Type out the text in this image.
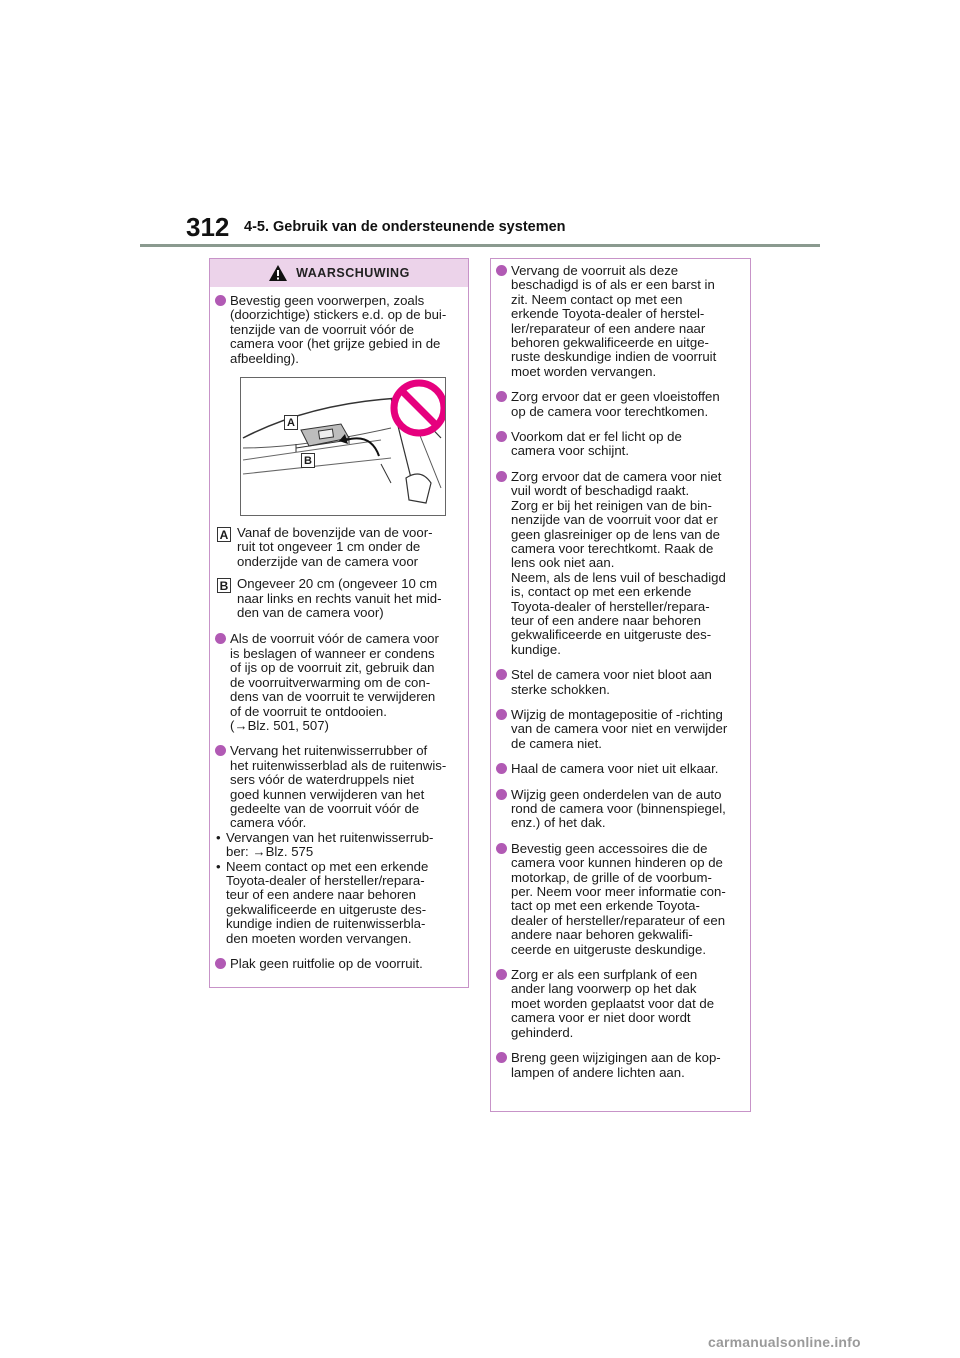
312 4-5. Gebruik van de ondersteunende systemen
WAARSCHUWING
Bevestig geen voorwerpen, zoals
(doorzichtige) stickers e.d. op de bui-
tenzijde van de voorruit vóór de
camera voor (het grijze gebied in de
afbeelding).
A
B
A Vanaf de bovenzijde van de voor-
ruit tot ongeveer 1 cm onder de
onderzijde van de camera voor
B Ongeveer 20 cm (ongeveer 10 cm
naar links en rechts vanuit het mid-
den van de camera voor)
Als de voorruit vóór de camera voor
is beslagen of wanneer er condens
of ijs op de voorruit zit, gebruik dan
de voorruitverwarming om de con-
dens van de voorruit te verwijderen
of de voorruit te ontdooien.
(→Blz. 501, 507)
Vervang het ruitenwisserrubber of
het ruitenwisserblad als de ruitenwis-
sers vóór de waterdruppels niet
goed kunnen verwijderen van het
gedeelte van de voorruit vóór de
camera vóór.
• Vervangen van het ruitenwisserrub-
ber: →Blz. 575
• Neem contact op met een erkende
Toyota-dealer of hersteller/repara-
teur of een andere naar behoren
gekwalificeerde en uitgeruste des-
kundige indien de ruitenwisserbla-
den moeten worden vervangen.
Plak geen ruitfolie op de voorruit.
Vervang de voorruit als deze
beschadigd is of als er een barst in
zit. Neem contact op met een
erkende Toyota-dealer of herstel-
ler/reparateur of een andere naar
behoren gekwalificeerde en uitge-
ruste deskundige indien de voorruit
moet worden vervangen.
Zorg ervoor dat er geen vloeistoffen
op de camera voor terechtkomen.
Voorkom dat er fel licht op de
camera voor schijnt.
Zorg ervoor dat de camera voor niet
vuil wordt of beschadigd raakt.
Zorg er bij het reinigen van de bin-
nenzijde van de voorruit voor dat er
geen glasreiniger op de lens van de
camera voor terechtkomt. Raak de
lens ook niet aan.
Neem, als de lens vuil of beschadigd
is, contact op met een erkende
Toyota-dealer of hersteller/repara-
teur of een andere naar behoren
gekwalificeerde en uitgeruste des-
kundige.
Stel de camera voor niet bloot aan
sterke schokken.
Wijzig de montagepositie of -richting
van de camera voor niet en verwijder
de camera niet.
Haal de camera voor niet uit elkaar.
Wijzig geen onderdelen van de auto
rond de camera voor (binnenspiegel,
enz.) of het dak.
Bevestig geen accessoires die de
camera voor kunnen hinderen op de
motorkap, de grille of de voorbum-
per. Neem voor meer informatie con-
tact op met een erkende Toyota-
dealer of hersteller/reparateur of een
andere naar behoren gekwalifi-
ceerde en uitgeruste deskundige.
Zorg er als een surfplank of een
ander lang voorwerp op het dak
moet worden geplaatst voor dat de
camera voor er niet door wordt
gehinderd.
Breng geen wijzigingen aan de kop-
lampen of andere lichten aan.
carmanualsonline.info
